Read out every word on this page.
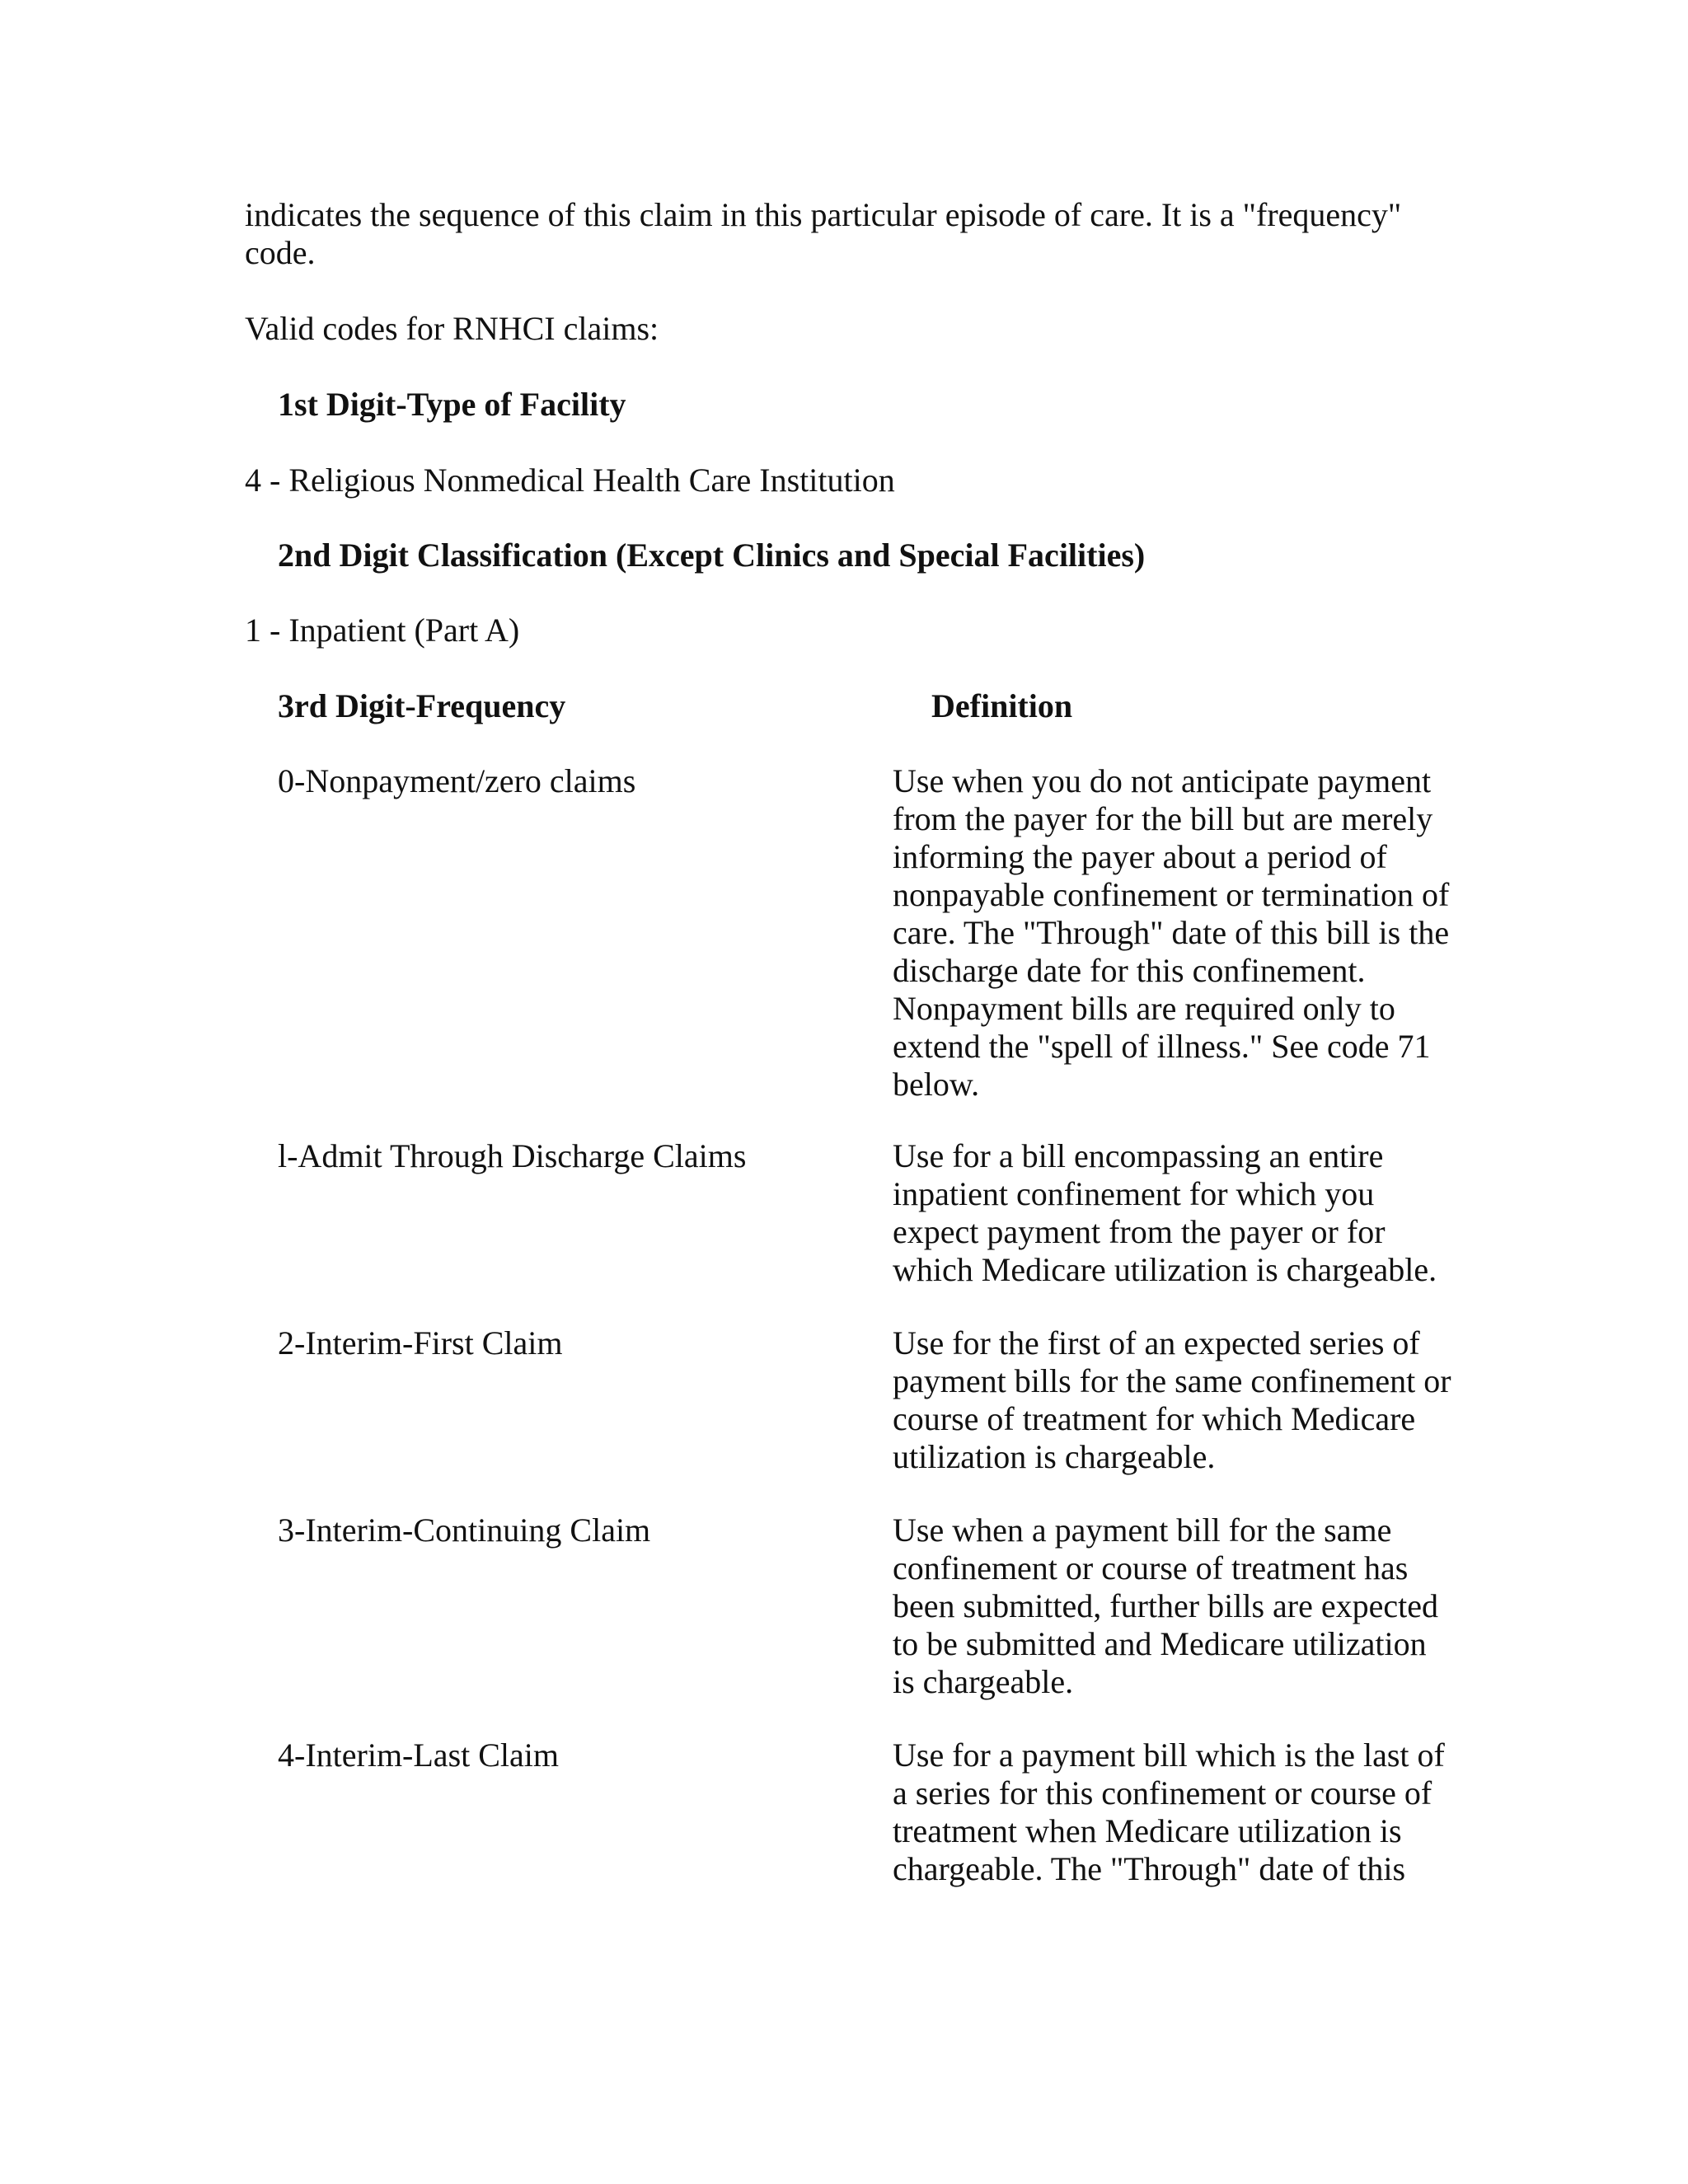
indicates the sequence of this claim in this particular episode of care. It is a "frequency" code.

Valid codes for RNHCI claims:

1st Digit-Type of Facility

4 - Religious Nonmedical Health Care Institution

2nd Digit Classification (Except Clinics and Special Facilities)

1 - Inpatient (Part A)

3rd Digit-Frequency	Definition

0-Nonpayment/zero claims	Use when you do not anticipate payment from the payer for the bill but are merely informing the payer about a period of nonpayable confinement or termination of care. The "Through" date of this bill is the discharge date for this confinement. Nonpayment bills are required only to extend the "spell of illness." See code 71 below.

l-Admit Through Discharge Claims	Use for a bill encompassing an entire inpatient confinement for which you expect payment from the payer or for which Medicare utilization is chargeable.

2-Interim-First Claim	Use for the first of an expected series of payment bills for the same confinement or course of treatment for which Medicare utilization is chargeable.

3-Interim-Continuing Claim	Use when a payment bill for the same confinement or course of treatment has been submitted, further bills are expected to be submitted and Medicare utilization is chargeable.

4-Interim-Last Claim	Use for a payment bill which is the last of a series for this confinement or course of treatment when Medicare utilization is chargeable. The "Through" date of this
